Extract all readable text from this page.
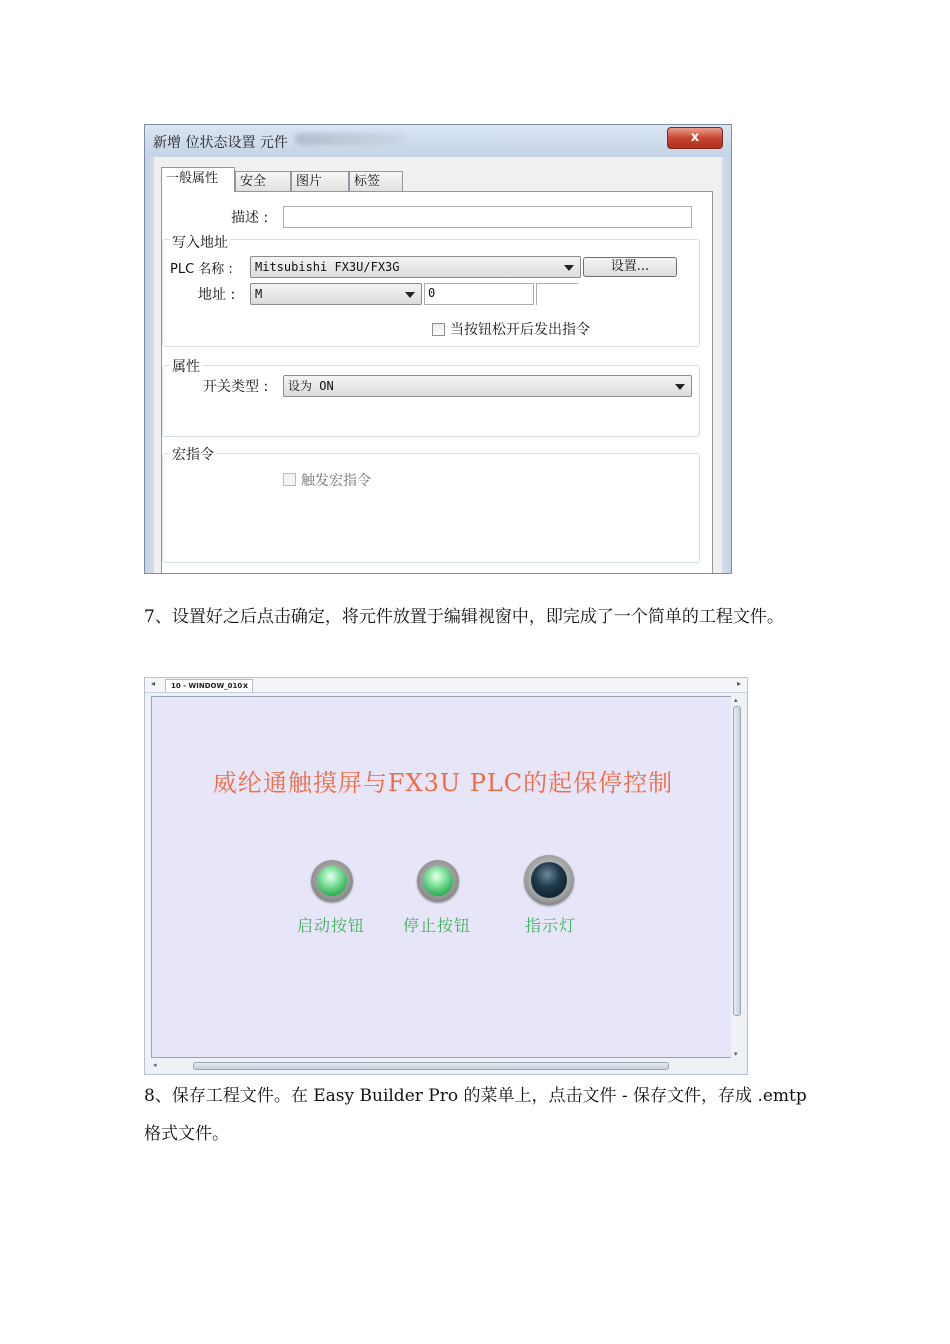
新增 位状态设置 元件	x
一般属性	安全	图片	标签
描述 :
写入地址
PLC 名称 :	Mitsubishi FX3U/FX3G	设置...
地址 :	M	0
当按钮松开后发出指令
属性
开关类型 :	设为 ON
宏指令
触发宏指令
7、设置好之后点击确定，将元件放置于编辑视窗中，即完成了一个简单的工程文件。
◂	10 - WINDOW_010 x	▸
威纶通触摸屏与FX3U PLC的起保停控制
启动按钮 停止按钮	指示灯
▴
▾
◂
8、保存工程文件。在 Easy Builder Pro 的菜单上，点击文件 - 保存文件，存成 .emtp 格式文件。
